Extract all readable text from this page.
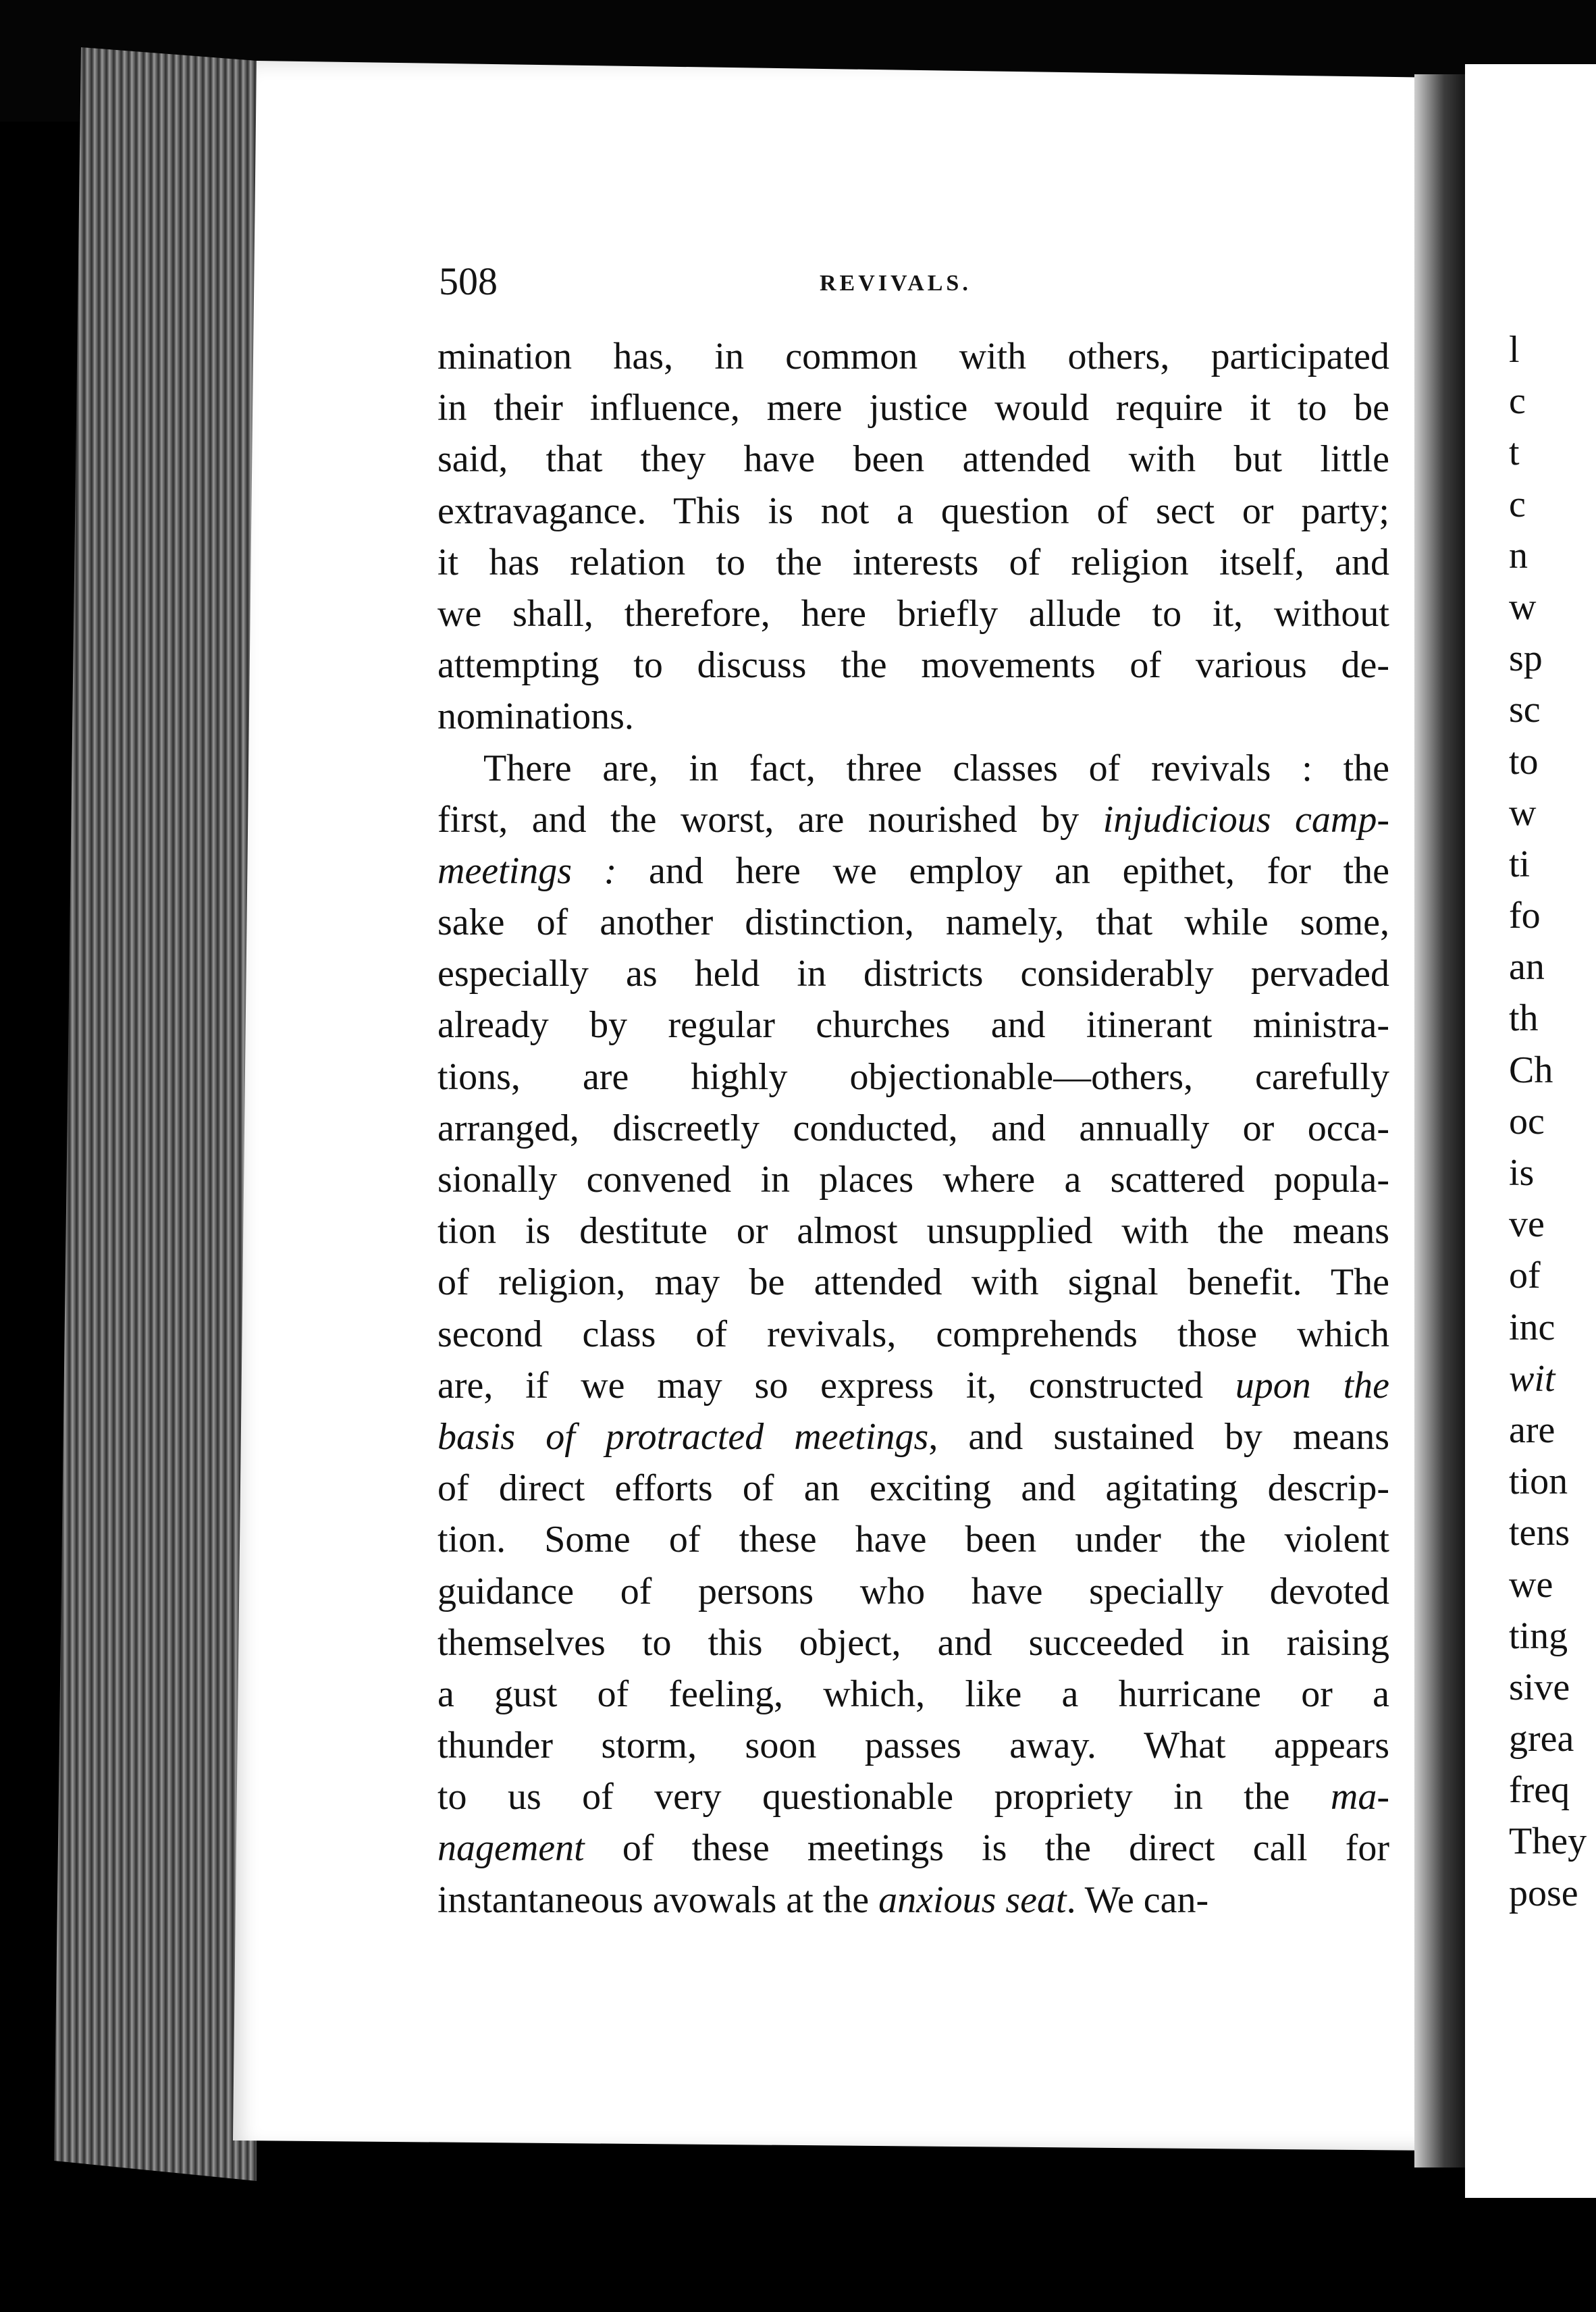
508	REVIVALS.
mination has, in common with others, participated
in their influence, mere justice would require it to be
said, that they have been attended with but little
extravagance. This is not a question of sect or party;
it has relation to the interests of religion itself, and
we shall, therefore, here briefly allude to it, without
attempting to discuss the movements of various de-
nominations.
There are, in fact, three classes of revivals : the
first, and the worst, are nourished by injudicious camp-
meetings : and here we employ an epithet, for the
sake of another distinction, namely, that while some,
especially as held in districts considerably pervaded
already by regular churches and itinerant ministra-
tions, are highly objectionable—others, carefully
arranged, discreetly conducted, and annually or occa-
sionally convened in places where a scattered popula-
tion is destitute or almost unsupplied with the means
of religion, may be attended with signal benefit. The
second class of revivals, comprehends those which
are, if we may so express it, constructed upon the
basis of protracted meetings, and sustained by means
of direct efforts of an exciting and agitating descrip-
tion. Some of these have been under the violent
guidance of persons who have specially devoted
themselves to this object, and succeeded in raising
a gust of feeling, which, like a hurricane or a
thunder storm, soon passes away. What appears
to us of very questionable propriety in the ma-
nagement of these meetings is the direct call for
instantaneous avowals at the anxious seat. We can-
l
c
t
c
n
w
sp
sc
to
w
ti
fo
an
th
Ch
oc
is
ve
of
inc
wit
are
tion
tens
we
ting
sive
grea
freq
They
pose
